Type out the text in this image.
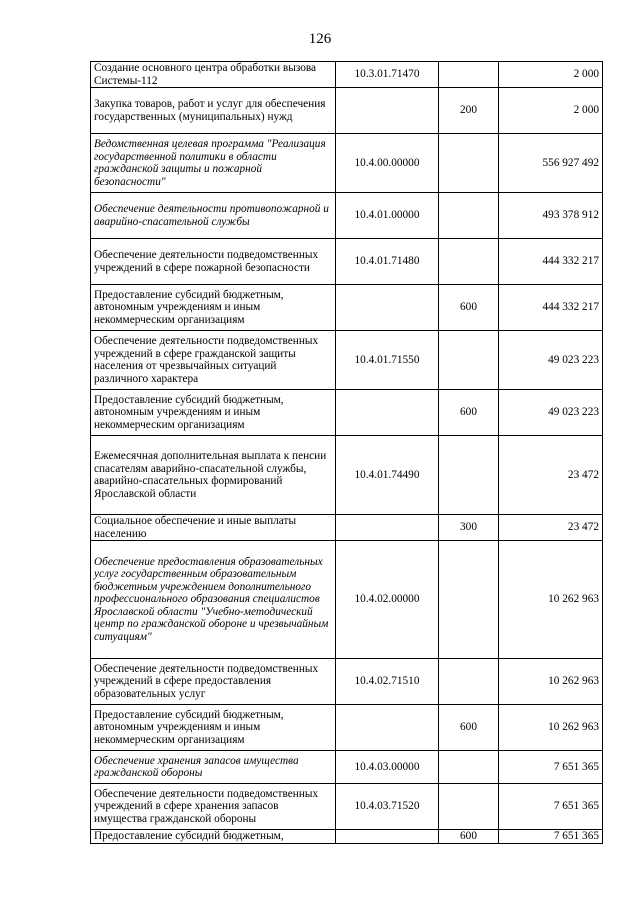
126
Создание основного центра обработки вызова Системы-112	10.3.01.71470		2 000
Закупка товаров, работ и услуг для обеспечения государственных (муниципальных) нужд		200	2 000
Ведомственная целевая программа "Реализация государственной политики в области гражданской защиты и пожарной безопасности"	10.4.00.00000		556 927 492
Обеспечение деятельности противопожарной и аварийно-спасательной службы	10.4.01.00000		493 378 912
Обеспечение деятельности подведомственных учреждений в сфере пожарной безопасности	10.4.01.71480		444 332 217
Предоставление субсидий бюджетным, автономным учреждениям и иным некоммерческим организациям		600	444 332 217
Обеспечение деятельности подведомственных учреждений в сфере гражданской защиты населения от чрезвычайных ситуаций различного характера	10.4.01.71550		49 023 223
Предоставление субсидий бюджетным, автономным учреждениям и иным некоммерческим организациям		600	49 023 223
Ежемесячная дополнительная выплата к пенсии спасателям аварийно-спасательной службы, аварийно-спасательных формирований Ярославской области	10.4.01.74490		23 472
Социальное обеспечение и иные выплаты населению		300	23 472
Обеспечение предоставления образовательных услуг государственным образовательным бюджетным учреждением дополнительного профессионального образования специалистов Ярославской области "Учебно-методический центр по гражданской обороне и чрезвычайным ситуациям"	10.4.02.00000		10 262 963
Обеспечение деятельности подведомственных учреждений в сфере предоставления образовательных услуг	10.4.02.71510		10 262 963
Предоставление субсидий бюджетным, автономным учреждениям и иным некоммерческим организациям		600	10 262 963
Обеспечение хранения запасов имущества гражданской обороны	10.4.03.00000		7 651 365
Обеспечение деятельности подведомственных учреждений в сфере хранения запасов имущества гражданской обороны	10.4.03.71520		7 651 365
Предоставление субсидий бюджетным,		600	7 651 365
